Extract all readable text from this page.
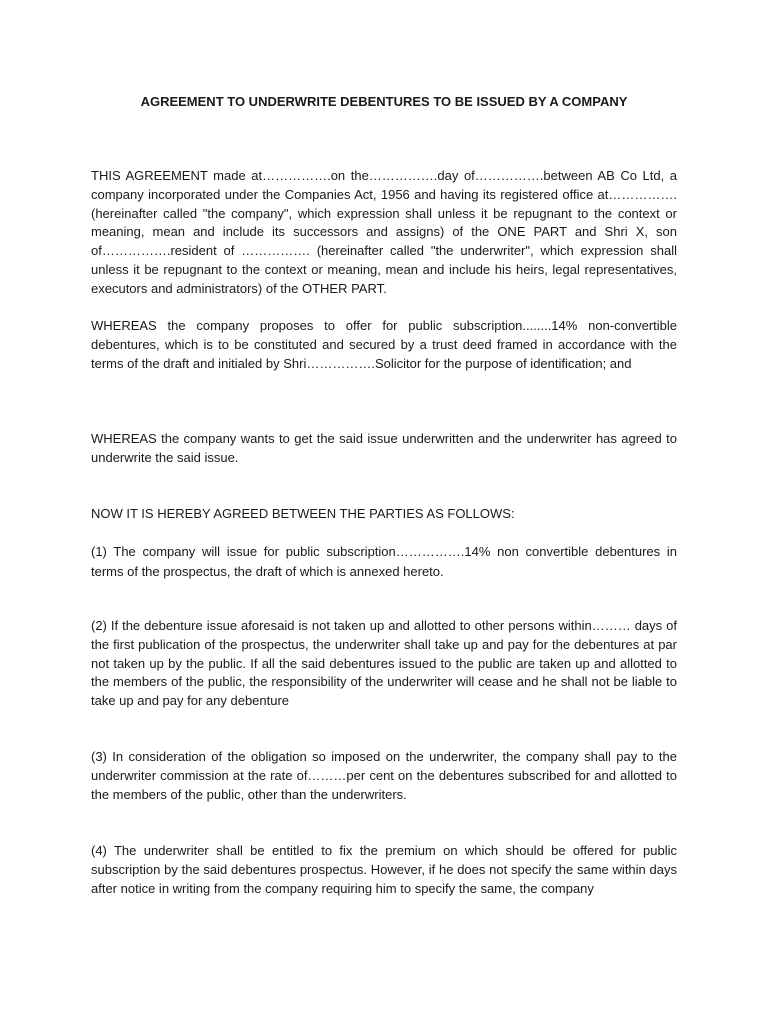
AGREEMENT TO UNDERWRITE DEBENTURES TO BE ISSUED BY A COMPANY

THIS AGREEMENT made at…………….on the…………….day of…………….between AB Co Ltd, a company incorporated under the Companies Act, 1956 and having its registered office at…………….(hereinafter called "the company", which expression shall unless it be repugnant to the context or meaning, mean and include its successors and assigns) of the ONE PART and Shri X, son of…………….resident of ……………. (hereinafter called "the underwriter", which expression shall unless it be repugnant to the context or meaning, mean and include his heirs, legal representatives, executors and administrators) of the OTHER PART.

WHEREAS the company proposes to offer for public subscription........14% non-convertible debentures, which is to be constituted and secured by a trust deed framed in accordance with the terms of the draft and initialed by Shri…………….Solicitor for the purpose of identification; and

WHEREAS the company wants to get the said issue underwritten and the underwriter has agreed to underwrite the said issue.

NOW IT IS HEREBY AGREED BETWEEN THE PARTIES AS FOLLOWS:

(1) The company will issue for public subscription…………….14% non convertible debentures in terms of the prospectus, the draft of which is annexed hereto.

(2) If the debenture issue aforesaid is not taken up and allotted to other persons within……… days of the first publication of the prospectus, the underwriter shall take up and pay for the debentures at par not taken up by the public. If all the said debentures issued to the public are taken up and allotted to the members of the public, the responsibility of the underwriter will cease and he shall not be liable to take up and pay for any debenture

(3) In consideration of the obligation so imposed on the underwriter, the company shall pay to the underwriter commission at the rate of………per cent on the debentures subscribed for and allotted to the members of the public, other than the underwriters.

(4) The underwriter shall be entitled to fix the premium on which should be offered for public subscription by the said debentures prospectus. However, if he does not specify the same within days after notice in writing from the company requiring him to specify the same, the company
